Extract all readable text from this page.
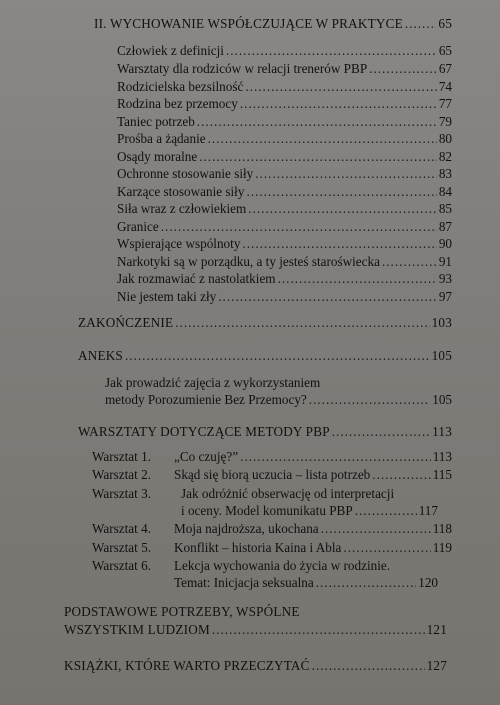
II. WYCHOWANIE WSPÓŁCZUJĄCE W PRAKTYCE .....	65
Człowiek z definicji .....	65
Warsztaty dla rodziców w relacji trenerów PBP .....	67
Rodzicielska bezsilność .....	74
Rodzina bez przemocy .....	77
Taniec potrzeb .....	79
Prośba a żądanie .....	80
Osądy moralne .....	82
Ochronne stosowanie siły .....	83
Karzące stosowanie siły .....	84
Siła wraz z człowiekiem .....	85
Granice .....	87
Wspierające wspólnoty .....	90
Narkotyki są w porządku, a ty jesteś staroświecka .....	91
Jak rozmawiać z nastolatkiem .....	93
Nie jestem taki zły .....	97
ZAKOŃCZENIE .....	103
ANEKS .....	105
Jak prowadzić zajęcia z wykorzystaniem
metody Porozumienie Bez Przemocy? .....	105
WARSZTATY DOTYCZĄCE METODY PBP .....	113
Warsztat 1. „Co czuję?” .....	113
Warsztat 2. Skąd się biorą uczucia – lista potrzeb .....	115
Warsztat 3. Jak odróżnić obserwację od interpretacji
i oceny. Model komunikatu PBP .....	117
Warsztat 4. Moja najdroższa, ukochana .....	118
Warsztat 5. Konflikt – historia Kaina i Abla .....	119
Warsztat 6. Lekcja wychowania do życia w rodzinie.
Temat: Inicjacja seksualna .....	120
PODSTAWOWE POTRZEBY, WSPÓLNE
WSZYSTKIM LUDZIOM .....	121
KSIĄŻKI, KTÓRE WARTO PRZECZYTAĆ .....	127
